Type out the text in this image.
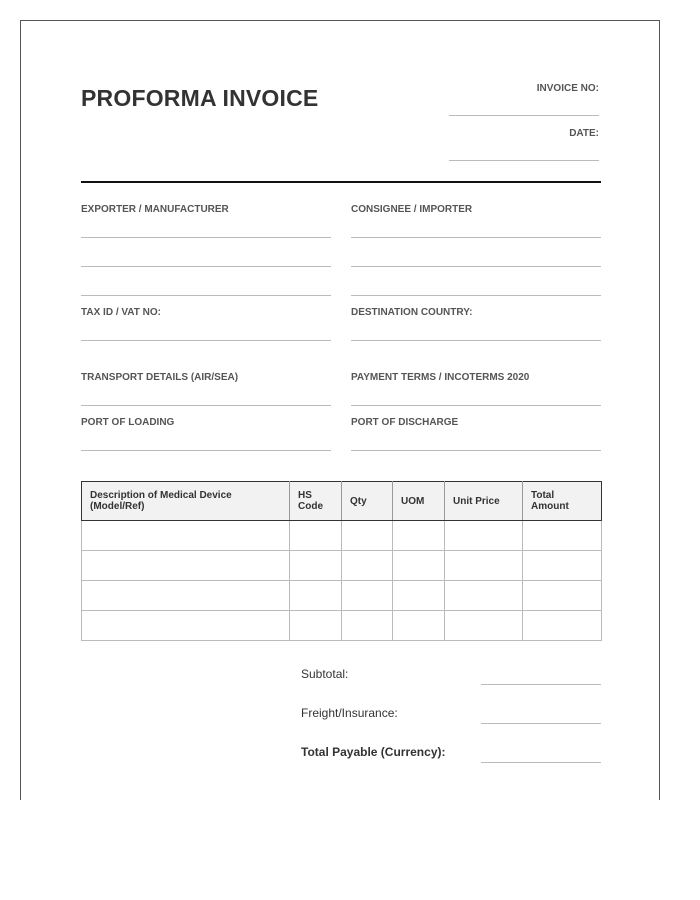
PROFORMA INVOICE	INVOICE NO:
DATE:
EXPORTER / MANUFACTURER	CONSIGNEE / IMPORTER
TAX ID / VAT NO:	DESTINATION COUNTRY:
TRANSPORT DETAILS (AIR/SEA)	PAYMENT TERMS / INCOTERMS 2020
PORT OF LOADING	PORT OF DISCHARGE
Description of Medical Device (Model/Ref)	HS Code	Qty	UOM	Unit Price	Total Amount

Subtotal:
Freight/Insurance:
Total Payable (Currency):
